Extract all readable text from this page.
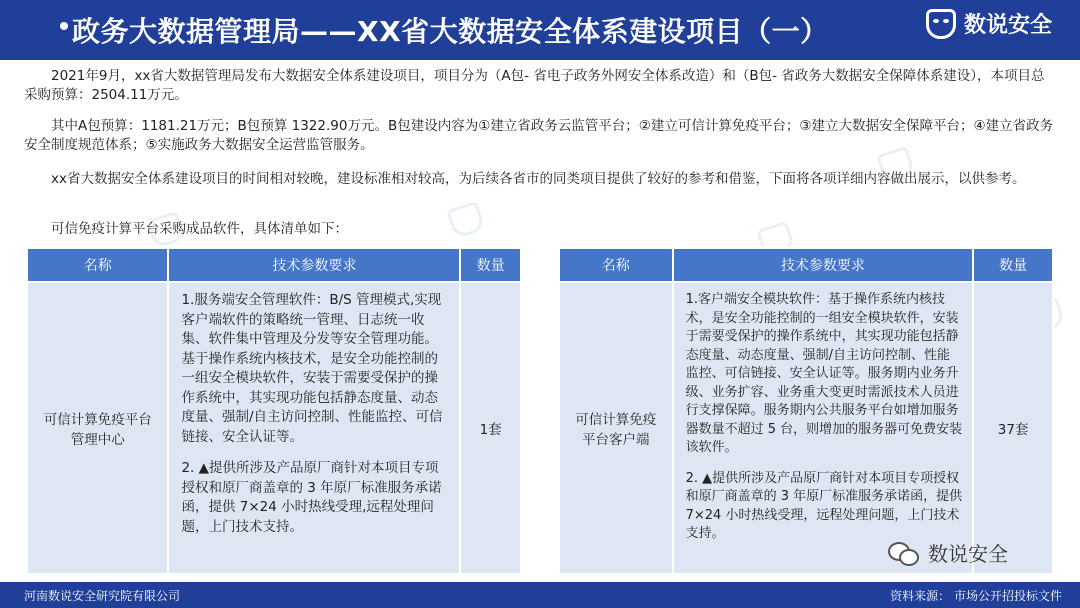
政务大数据管理局——XX省大数据安全体系建设项目（一）	数说安全
2021年9月，xx省大数据管理局发布大数据安全体系建设项目，项目分为（A包- 省电子政务外网安全体系改造）和（B包- 省政务大数据安全保障体系建设），本项目总采购预算：2504.11万元。
其中A包预算：1181.21万元；B包预算 1322.90万元。B包建设内容为①建立省政务云监管平台；②建立可信计算免疫平台；③建立大数据安全保障平台；④建立省政务安全制度规范体系；⑤实施政务大数据安全运营监管服务。
xx省大数据安全体系建设项目的时间相对较晚，建设标准相对较高，为后续各省市的同类项目提供了较好的参考和借鉴，下面将各项详细内容做出展示，以供参考。
可信免疫计算平台采购成品软件，具体清单如下：
名称	技术参数要求	数量
可信计算免疫平台管理中心	1.服务端安全管理软件：B/S 管理模式,实现客户端软件的策略统一管理、日志统一收集、软件集中管理及分发等安全管理功能。基于操作系统内核技术，是安全功能控制的一组安全模块软件，安装于需要受保护的操作系统中，其实现功能包括静态度量、动态度量、强制/自主访问控制、性能监控、可信链接、安全认证等。

2. ▲提供所涉及产品原厂商针对本项目专项授权和原厂商盖章的 3 年原厂标准服务承诺函，提供 7×24 小时热线受理,远程处理问题，上门技术支持。	1套
名称	技术参数要求	数量
可信计算免疫平台客户端	1.客户端安全模块软件：基于操作系统内核技术，是安全功能控制的一组安全模块软件，安装于需要受保护的操作系统中，其实现功能包括静态度量、动态度量、强制/自主访问控制、性能监控、可信链接、安全认证等。服务期内业务升级、业务扩容、业务重大变更时需派技术人员进行支撑保障。服务期内公共服务平台如增加服务器数量不超过 5 台，则增加的服务器可免费安装该软件。

2. ▲提供所涉及产品原厂商针对本项目专项授权和原厂商盖章的 3 年原厂标准服务承诺函，提供 7×24 小时热线受理，远程处理问题，上门技术支持。	37套
数说安全
河南数说安全研究院有限公司	资料来源： 市场公开招投标文件
